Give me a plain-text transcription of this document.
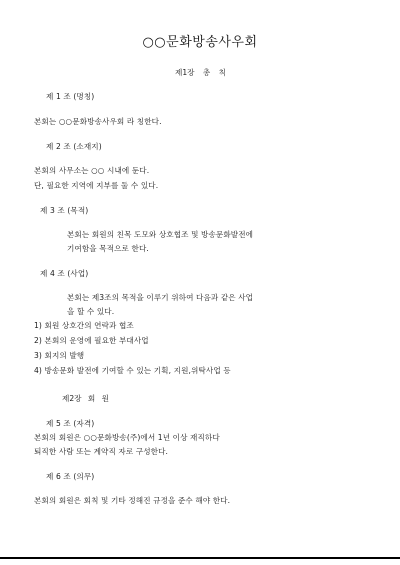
○○문화방송사우회
제1장 총 칙
제 1 조 (명칭)
본회는 ○○문화방송사우회 라 칭한다.
제 2 조 (소재지)
본회의 사무소는 ○○ 시내에 둔다.
단, 필요한 지역에 지부를 둘 수 있다.
제 3 조 (목적)
본회는 회원의 친목 도모와 상호협조 및 방송문화발전에
기여함을 목적으로 한다.
제 4 조 (사업)
본회는 제3조의 목적을 이루기 위하여 다음과 같은 사업
을 할 수 있다.
1) 회원 상호간의 연락과 협조
2) 본회의 운영에 필요한 부대사업
3) 회지의 발행
4) 방송문화 발전에 기여할 수 있는 기획, 지원,위탁사업 등
제2장 회 원
제 5 조 (자격)
본회의 회원은 ○○문화방송(주)에서 1년 이상 재직하다
퇴직한 사람 또는 계약직 자로 구성한다.
제 6 조 (의무)
본회의 회원은 회칙 및 기타 정해진 규정을 준수 해야 한다.
